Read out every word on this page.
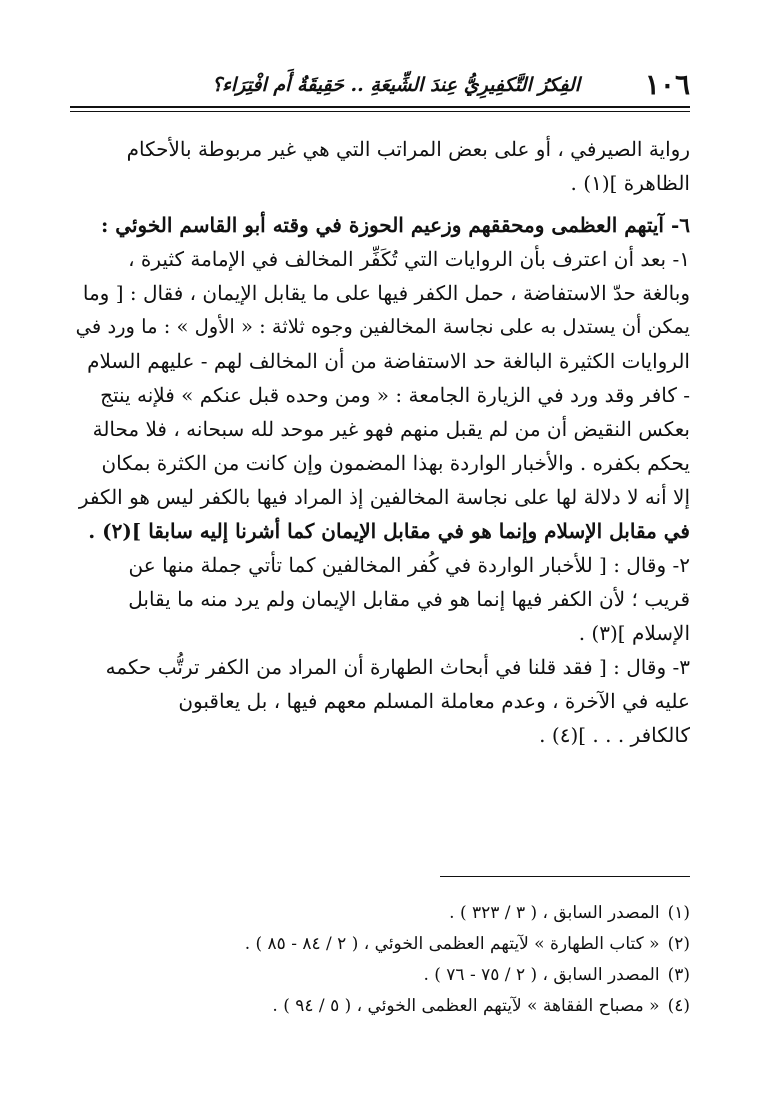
١٠٦
الفِكرُ التَّكفِيرِيُّ عِندَ الشِّيعَةِ .. حَقِيقَةٌ أَم افْتِرَاء؟
رواية الصيرفي ، أو على بعض المراتب التي هي غير مربوطة بالأحكام
الظاهرة ](١) .
٦- آيتهم العظمى ومحققهم وزعيم الحوزة في وقته أبو القاسم الخوئي :
١- بعد أن اعترف بأن الروايات التي تُكَفِّر المخالف في الإمامة كثيرة ،
وبالغة حدّ الاستفاضة ، حمل الكفر فيها على ما يقابل الإيمان ، فقال : [ وما
يمكن أن يستدل به على نجاسة المخالفين وجوه ثلاثة : « الأول » : ما ورد في
الروايات الكثيرة البالغة حد الاستفاضة من أن المخالف لهم - عليهم السلام
- كافر وقد ورد في الزيارة الجامعة : « ومن وحده قبل عنكم » فلإنه ينتج
بعكس النقيض أن من لم يقبل منهم فهو غير موحد لله سبحانه ، فلا محالة
يحكم بكفره . والأخبار الواردة بهذا المضمون وإن كانت من الكثرة بمكان
إلا أنه لا دلالة لها على نجاسة المخالفين إذ المراد فيها بالكفر ليس هو الكفر
في مقابل الإسلام وإنما هو في مقابل الإيمان كما أشرنا إليه سابقا ](٢) .
٢- وقال : [ للأخبار الواردة في كُفر المخالفين كما تأتي جملة منها عن
قريب ؛ لأن الكفر فيها إنما هو في مقابل الإيمان ولم يرد منه ما يقابل
الإسلام ](٣) .
٣- وقال : [ فقد قلنا في أبحاث الطهارة أن المراد من الكفر ترتُّب حكمه
عليه في الآخرة ، وعدم معاملة المسلم معهم فيها ، بل يعاقبون
كالكافر . . . ](٤) .
(١)المصدر السابق ، ( ٣ / ٣٢٣ ) .
(٢)« كتاب الطهارة » لآيتهم العظمى الخوئي ، ( ٢ / ٨٤ - ٨٥ ) .
(٣)المصدر السابق ، ( ٢ / ٧٥ - ٧٦ ) .
(٤)« مصباح الفقاهة » لآيتهم العظمى الخوئي ، ( ٥ / ٩٤ ) .
